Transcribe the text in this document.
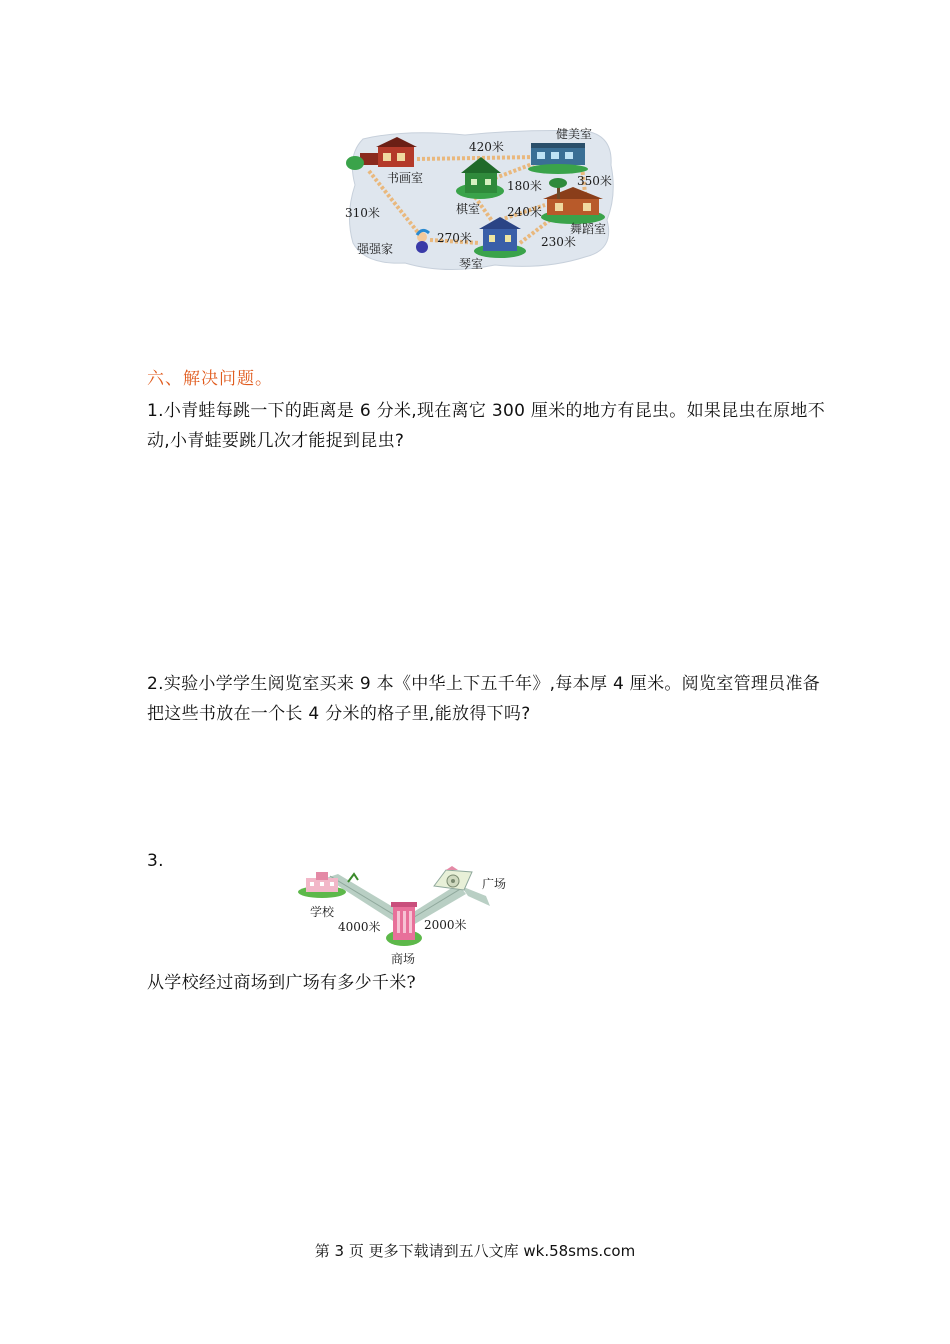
书画室
健美室
棋室
舞蹈室
琴室
强强家
420米
180米	350米
310米	240米
270米	230米
六、解决问题。
1.小青蛙每跳一下的距离是 6 分米,现在离它 300 厘米的地方有昆虫。如果昆虫在原地不动,小青蛙要跳几次才能捉到昆虫?
2.实验小学学生阅览室买来 9 本《中华上下五千年》,每本厚 4 厘米。阅览室管理员准备把这些书放在一个长 4 分米的格子里,能放得下吗?
3.
学校
4000米
商场
2000米
广场
从学校经过商场到广场有多少千米?
第 3 页 更多下载请到五八文库 wk.58sms.com
